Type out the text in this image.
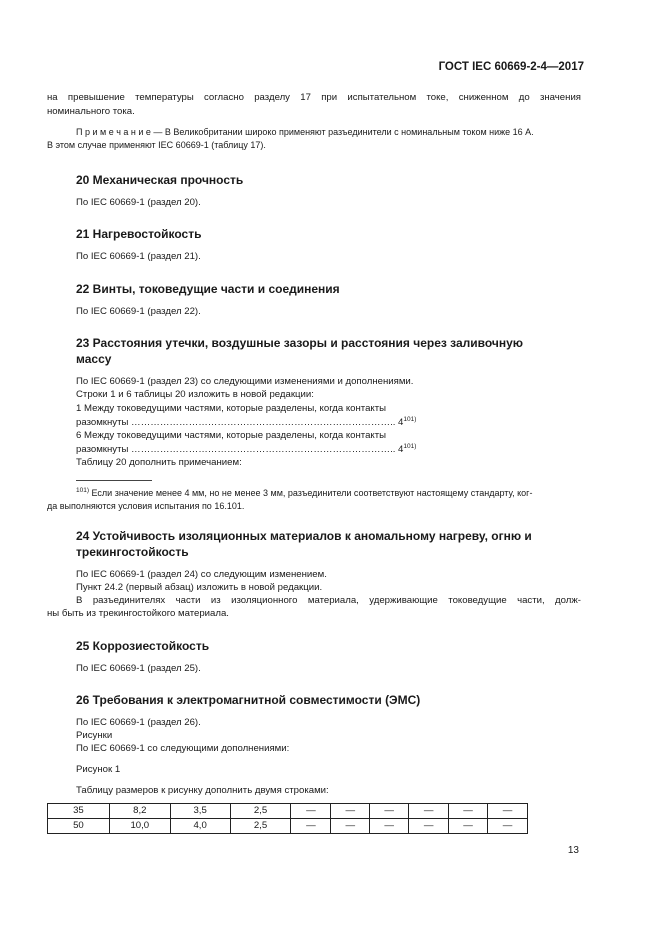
ГОСТ IEC 60669-2-4—2017
на превышение температуры согласно разделу 17 при испытательном токе, сниженном до значения
номинального тока.
П р и м е ч а н и е — В Великобритании широко применяют разъединители с номинальным током ниже 16 А.
В этом случае применяют IEC 60669-1 (таблицу 17).
20 Механическая прочность
По IEC 60669-1 (раздел 20).
21 Нагревостойкость
По IEC 60669-1 (раздел 21).
22 Винты, токоведущие части и соединения
По IEC 60669-1 (раздел 22).
23 Расстояния утечки, воздушные зазоры и расстояния через заливочную
массу
По IEC 60669-1 (раздел 23) со следующими изменениями и дополнениями.
Строки 1 и 6 таблицы 20 изложить в новой редакции:
1 Между токоведущими частями, которые разделены, когда контакты
разомкнуты ……………………………………………………………………….. 4$^{101)}$
6 Между токоведущими частями, которые разделены, когда контакты
разомкнуты ……………………………………………………………………….. 4$^{101)}$
Таблицу 20 дополнить примечанием:
$^{101)}$ Если значение менее 4 мм, но не менее 3 мм, разъединители соответствуют настоящему стандарту, ког-
да выполняются условия испытания по 16.101.
24 Устойчивость изоляционных материалов к аномальному нагреву, огню и
трекингостойкость
По IEC 60669-1 (раздел 24) со следующим изменением.
Пункт 24.2 (первый абзац) изложить в новой редакции.
В разъединителях части из изоляционного материала, удерживающие токоведущие части, долж-
ны быть из трекингостойкого материала.
25 Коррозиестойкость
По IEC 60669-1 (раздел 25).
26 Требования к электромагнитной совместимости (ЭМС)
По IEC 60669-1 (раздел 26).
Рисунки
По IEC 60669-1 со следующими дополнениями:
Рисунок 1
Таблицу размеров к рисунку дополнить двумя строками:
35	8,2	3,5	2,5	—	—	—	—	—	—
50	10,0	4,0	2,5	—	—	—	—	—	—
13
